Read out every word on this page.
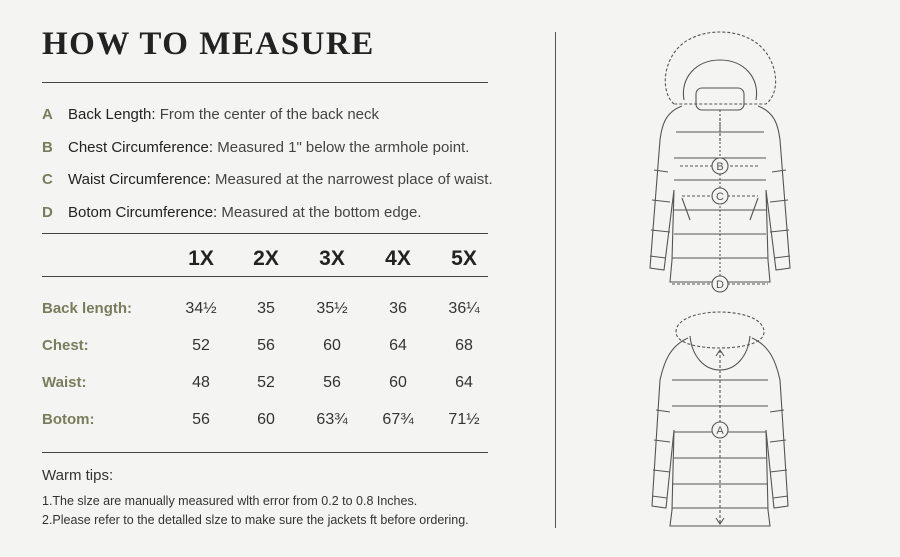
HOW TO MEASURE
A Back Length: From the center of the back neck
B Chest Circumference: Measured 1" below the armhole point.
C Waist Circumference: Measured at the narrowest place of waist.
D Botom Circumference: Measured at the bottom edge.
	1X	2X	3X	4X	5X

Back length:	34½	35	35½	36	36¼
Chest:	52	56	60	64	68
Waist:	48	52	56	60	64
Botom:	56	60	63¾	67¾	71½

Warm tips:

1.The slze are manually measured wlth error from 0.2 to 0.8 Inches.
2.Please refer to the detalled slze to make sure the jackets ft before ordering.
B
C
D
A
